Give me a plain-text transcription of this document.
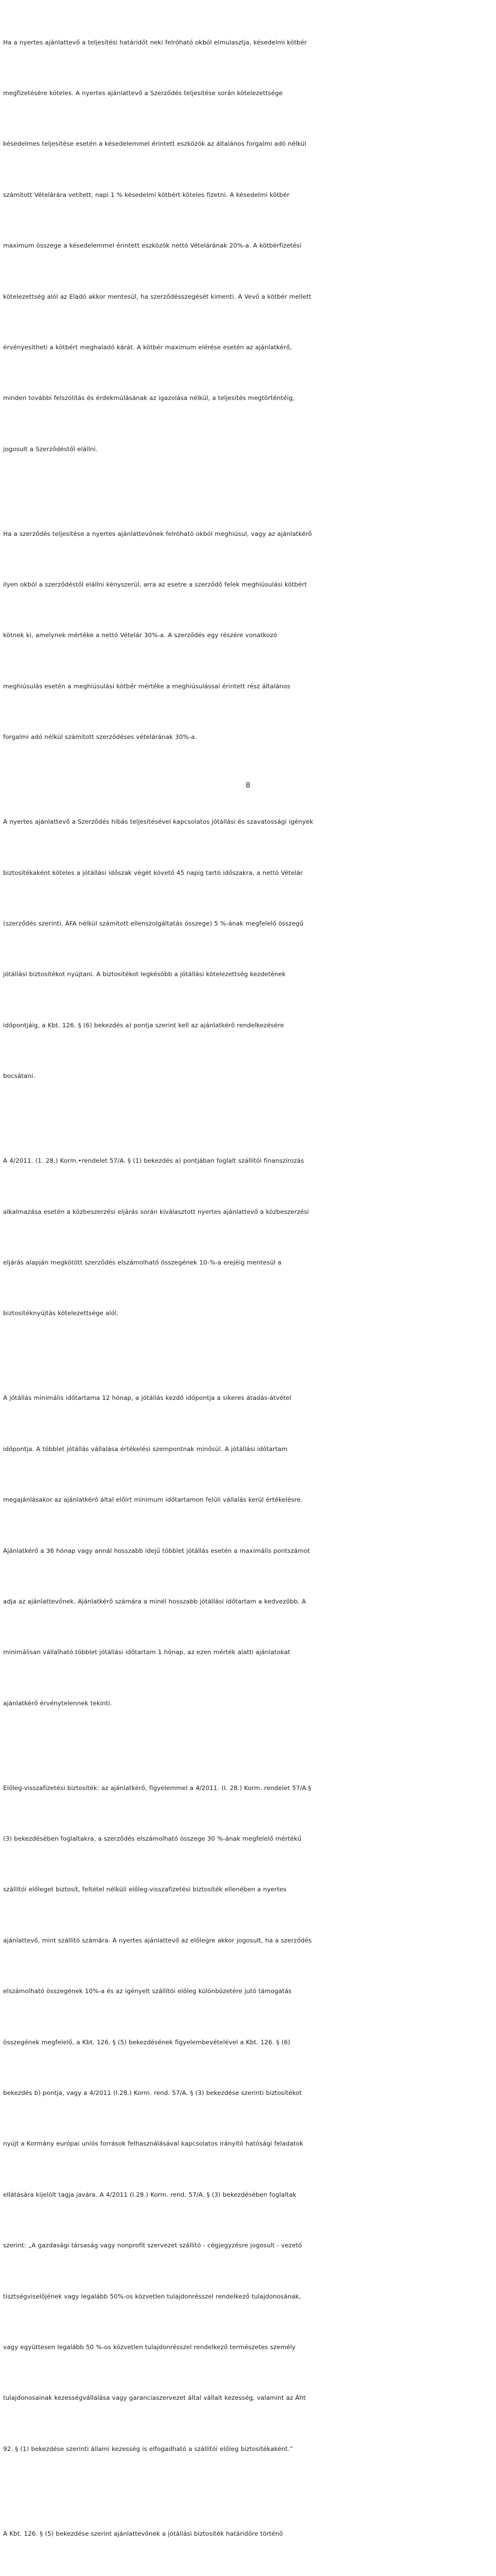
Ha a nyertes ajánlattevő a teljesítési határidőt neki felróható okból elmulasztja, késedelmi kötbér

megfizetésére köteles. A nyertes ajánlattevő a Szerződés teljesítése során kötelezettsége

késedelmes teljesítése esetén a késedelemmel érintett eszközök az általános forgalmi adó nélkül

számított Vételárára vetített, napi 1 % késedelmi kötbért köteles fizetni. A késedelmi kötbér

maximum összege a késedelemmel érintett eszközök nettó Vételárának 20%-a. A kötbérfizetési

kötelezettség alól az Eladó akkor mentesül, ha szerződésszegését kimenti. A Vevő a kötbér mellett

érvényesítheti a kötbért meghaladó kárát. A kötbér maximum elérése esetén az ajánlatkérő,

minden további felszólítás és érdekmúlásának az igazolása nélkül, a teljesítés megtörténtéig,

jogosult a Szerződéstől elállni.

Ha a szerződés teljesítése a nyertes ajánlattevőnek felróható okból meghiúsul, vagy az ajánlatkérő

ilyen okból a szerződéstől elállni kényszerül, arra az esetre a szerződő felek meghiúsulási kötbért

kötnek ki, amelynek mértéke a nettó Vételár 30%-a. A szerződés egy részére vonatkozó

meghiúsulás esetén a meghiúsulási kötbér mértéke a meghiúsulással érintett rész általános

forgalmi adó nélkül számított szerződéses vételárának 30%-a.

A nyertes ajánlattevő a Szerződés hibás teljesítésével kapcsolatos jótállási és szavatossági igények

biztosítékaként köteles a jótállási időszak végét követő 45 napig tartó időszakra, a nettó Vételár

(szerződés szerinti, ÁFA nélkül számított ellenszolgáltatás összege) 5 %-ának megfelelő összegű

jótállási biztosítékot nyújtani. A biztosítékot legkésőbb a jótállási kötelezettség kezdetének

időpontjáig, a Kbt. 126. § (6) bekezdés a) pontja szerint kell az ajánlatkérő rendelkezésére

bocsátani.

A 4/2011. (1. 28.) Korm.•rendelet 57/A. § (1) bekezdés a) pontjában foglalt szállítói finanszírozás

alkalmazása esetén a közbeszerzési eljárás során kiválasztott nyertes ajánlattevő a közbeszerzési

eljárás alapján megkötött szerződés elszámolható összegének 10-%-a erejéig mentesül a

biztosítéknyújtás kötelezettsége alól.

A jótállás minimális időtartama 12 hónap, a jótállás kezdő időpontja a sikeres átadás-átvétel

időpontja. A többlet jótállás vállalása értékelési szempontnak minősül. A jótállási időtartam

megajánlásakor az ajánlatkérő által előírt minimum időtartamon felüli vállalás kerül értékelésre.

Ajánlatkérő a 36 hónap vagy annál hosszabb idejű többlet jótállás esetén a maximális pontszámot

adja az ajánlattevőnek. Ajánlatkérő számára a minél hosszabb jótállási időtartam a kedvezőbb. A

minimálisan vállalható többlet jótállási időtartam 1 hónap, az ezen mérték alatti ajánlatokat

ajánlatkérő érvénytelennek tekinti.

Előleg-visszafizetési biztosíték: az ajánlatkérő, figyelemmel a 4/2011. (I. 28.) Korm. rendelet 57/A.§

(3) bekezdésében foglaltakra, a szerződés elszámolható összege 30 %-ának megfelelő mértékű

szállítói előleget biztosít, feltétel nélküli előleg-visszafizetési biztosíték ellenében a nyertes

ajánlattevő, mint szállító számára. A nyertes ajánlattevő az előlegre akkor jogosult, ha a szerződés

elszámolható összegének 10%-a és az igényelt szállítói előleg különbözetére jutó támogatás

összegének megfelelő, a Kbt. 126. § (5) bekezdésének figyelembevételével a Kbt. 126. § (6)

bekezdés b) pontja, vagy a 4/2011 (I.28.) Korm. rend. 57/A. § (3) bekezdése szerinti biztosítékot

nyújt a Kormány európai uniós források felhasználásával kapcsolatos irányító hatósági feladatok

ellátására kijelölt tagja javára. A 4/2011 (I.28.) Korm. rend. 57/A. § (3) bekezdésében foglaltak

szerint: „A gazdasági társaság vagy nonprofit szervezet szállító - cégjegyzésre jogosult - vezető

tisztségviselőjének vagy legalább 50%-os közvetlen tulajdonrésszel rendelkező tulajdonosának,

vagy együttesen legalább 50 %-os közvetlen tulajdonrésszel rendelkező természetes személy

tulajdonosainak kezességvállalása vagy garanciaszervezet által vállalt kezesség, valamint az Áht

92. § (1) bekezdése szerinti állami kezesség is elfogadható a szállítói előleg biztosítékaként.”

A Kbt. 126. § (5) bekezdése szerint ajánlattevőnek a jótállási biztosíték határidőre történő

8
